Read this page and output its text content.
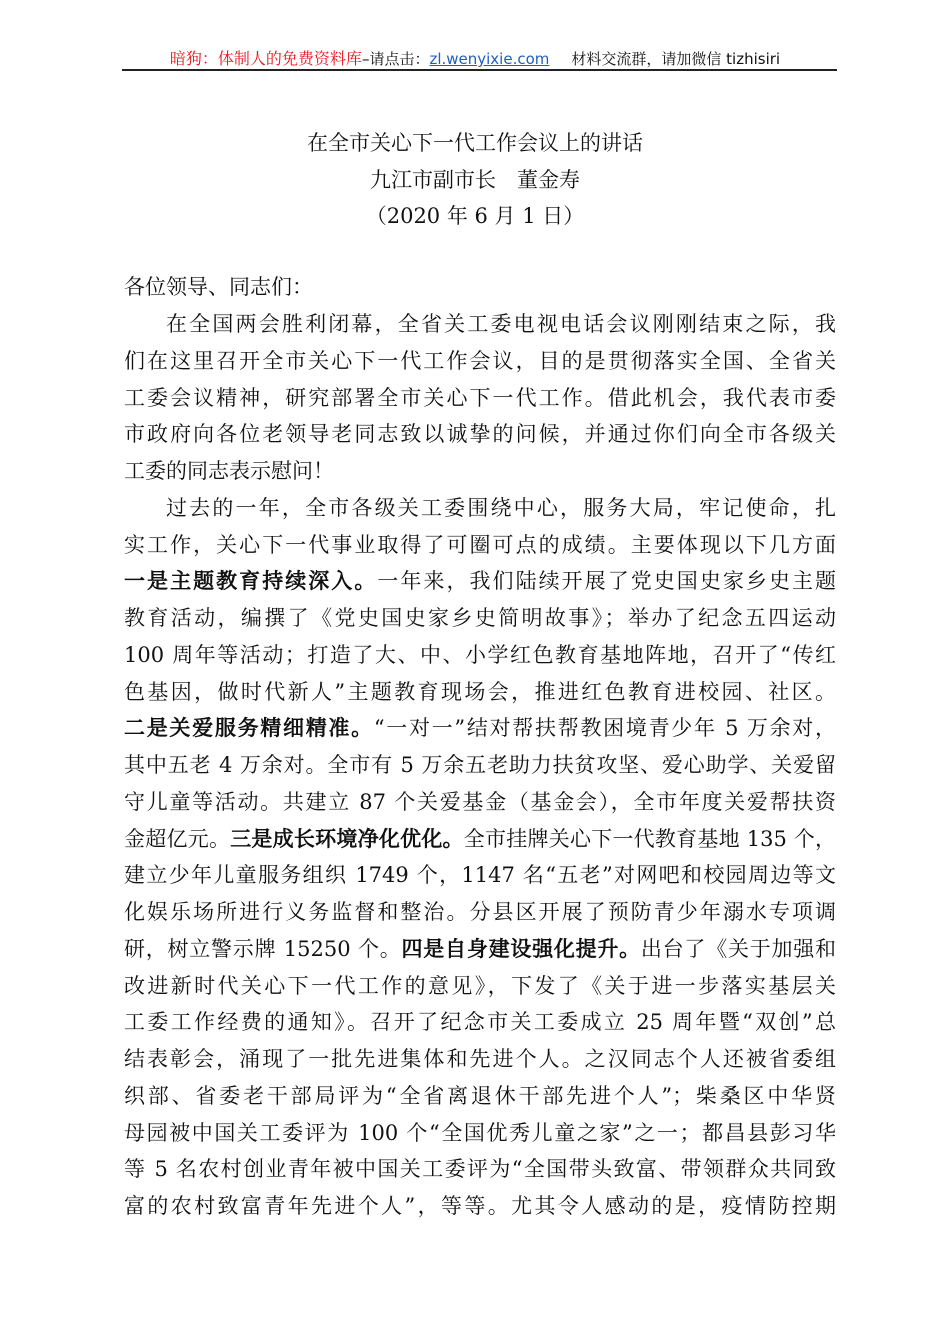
暗狗：体制人的免费资料库–请点击：zl.wenyixie.com 材料交流群，请加微信 tizhisiri
在全市关心下一代工作会议上的讲话
九江市副市长　董金寿
（2020 年 6 月 1 日）
各位领导、同志们：
在全国两会胜利闭幕，全省关工委电视电话会议刚刚结束之际，我
们在这里召开全市关心下一代工作会议，目的是贯彻落实全国、全省关
工委会议精神，研究部署全市关心下一代工作。借此机会，我代表市委
市政府向各位老领导老同志致以诚挚的问候，并通过你们向全市各级关
工委的同志表示慰问！
过去的一年，全市各级关工委围绕中心，服务大局，牢记使命，扎
实工作，关心下一代事业取得了可圈可点的成绩。主要体现以下几方面
一是主题教育持续深入。一年来，我们陆续开展了党史国史家乡史主题
教育活动，编撰了《党史国史家乡史简明故事》；举办了纪念五四运动
100 周年等活动；打造了大、中、小学红色教育基地阵地，召开了“传红
色基因，做时代新人”主题教育现场会，推进红色教育进校园、社区。
二是关爱服务精细精准。“一对一”结对帮扶帮教困境青少年 5 万余对，
其中五老 4 万余对。全市有 5 万余五老助力扶贫攻坚、爱心助学、关爱留
守儿童等活动。共建立 87 个关爱基金（基金会），全市年度关爱帮扶资
金超亿元。三是成长环境净化优化。全市挂牌关心下一代教育基地 135 个，
建立少年儿童服务组织 1749 个，1147 名“五老”对网吧和校园周边等文
化娱乐场所进行义务监督和整治。分县区开展了预防青少年溺水专项调
研，树立警示牌 15250 个。四是自身建设强化提升。出台了《关于加强和
改进新时代关心下一代工作的意见》，下发了《关于进一步落实基层关
工委工作经费的通知》。召开了纪念市关工委成立 25 周年暨“双创”总
结表彰会，涌现了一批先进集体和先进个人。之汉同志个人还被省委组
织部、省委老干部局评为“全省离退休干部先进个人”；柴桑区中华贤
母园被中国关工委评为 100 个“全国优秀儿童之家”之一；都昌县彭习华
等 5 名农村创业青年被中国关工委评为“全国带头致富、带领群众共同致
富的农村致富青年先进个人”，等等。尤其令人感动的是，疫情防控期
